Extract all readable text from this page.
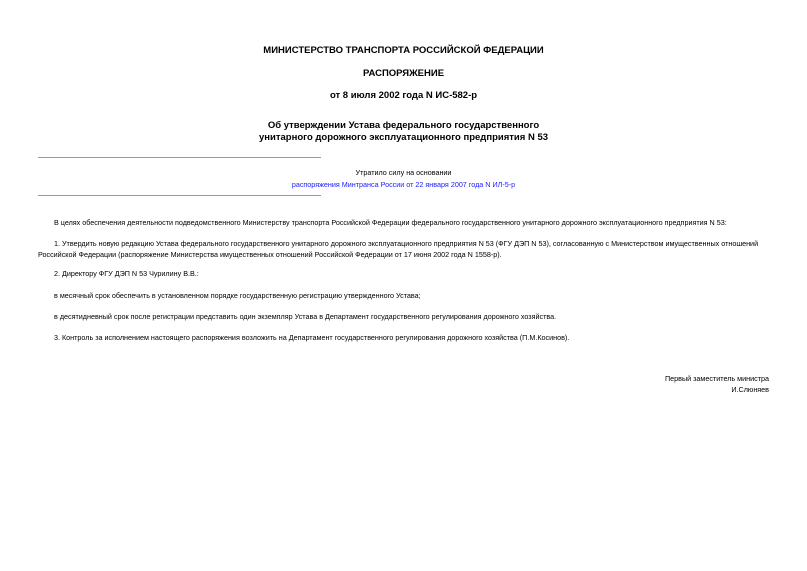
МИНИСТЕРСТВО ТРАНСПОРТА РОССИЙСКОЙ ФЕДЕРАЦИИ
РАСПОРЯЖЕНИЕ
от 8 июля 2002 года N ИС-582-р
Об утверждении Устава федерального государственного
унитарного дорожного эксплуатационного предприятия N 53
Утратило силу на основании
распоряжения Минтранса России от 22 января 2007 года N ИЛ-5-р
В целях обеспечения деятельности подведомственного Министерству транспорта Российской Федерации федерального государственного унитарного дорожного эксплуатационного предприятия N 53:
1. Утвердить новую редакцию Устава федерального государственного унитарного дорожного эксплуатационного предприятия N 53 (ФГУ ДЭП N 53), согласованную с Министерством имущественных отношений Российской Федерации (распоряжение Министерства имущественных отношений Российской Федерации от 17 июня 2002 года N 1558-р).
2. Директору ФГУ ДЭП N 53 Чурилину В.В.:
в месячный срок обеспечить в установленном порядке государственную регистрацию утвержденного Устава;
в десятидневный срок после регистрации представить один экземпляр Устава в Департамент государственного регулирования дорожного хозяйства.
3. Контроль за исполнением настоящего распоряжения возложить на Департамент государственного регулирования дорожного хозяйства (П.М.Косинов).
Первый заместитель министра
И.Слюняев
